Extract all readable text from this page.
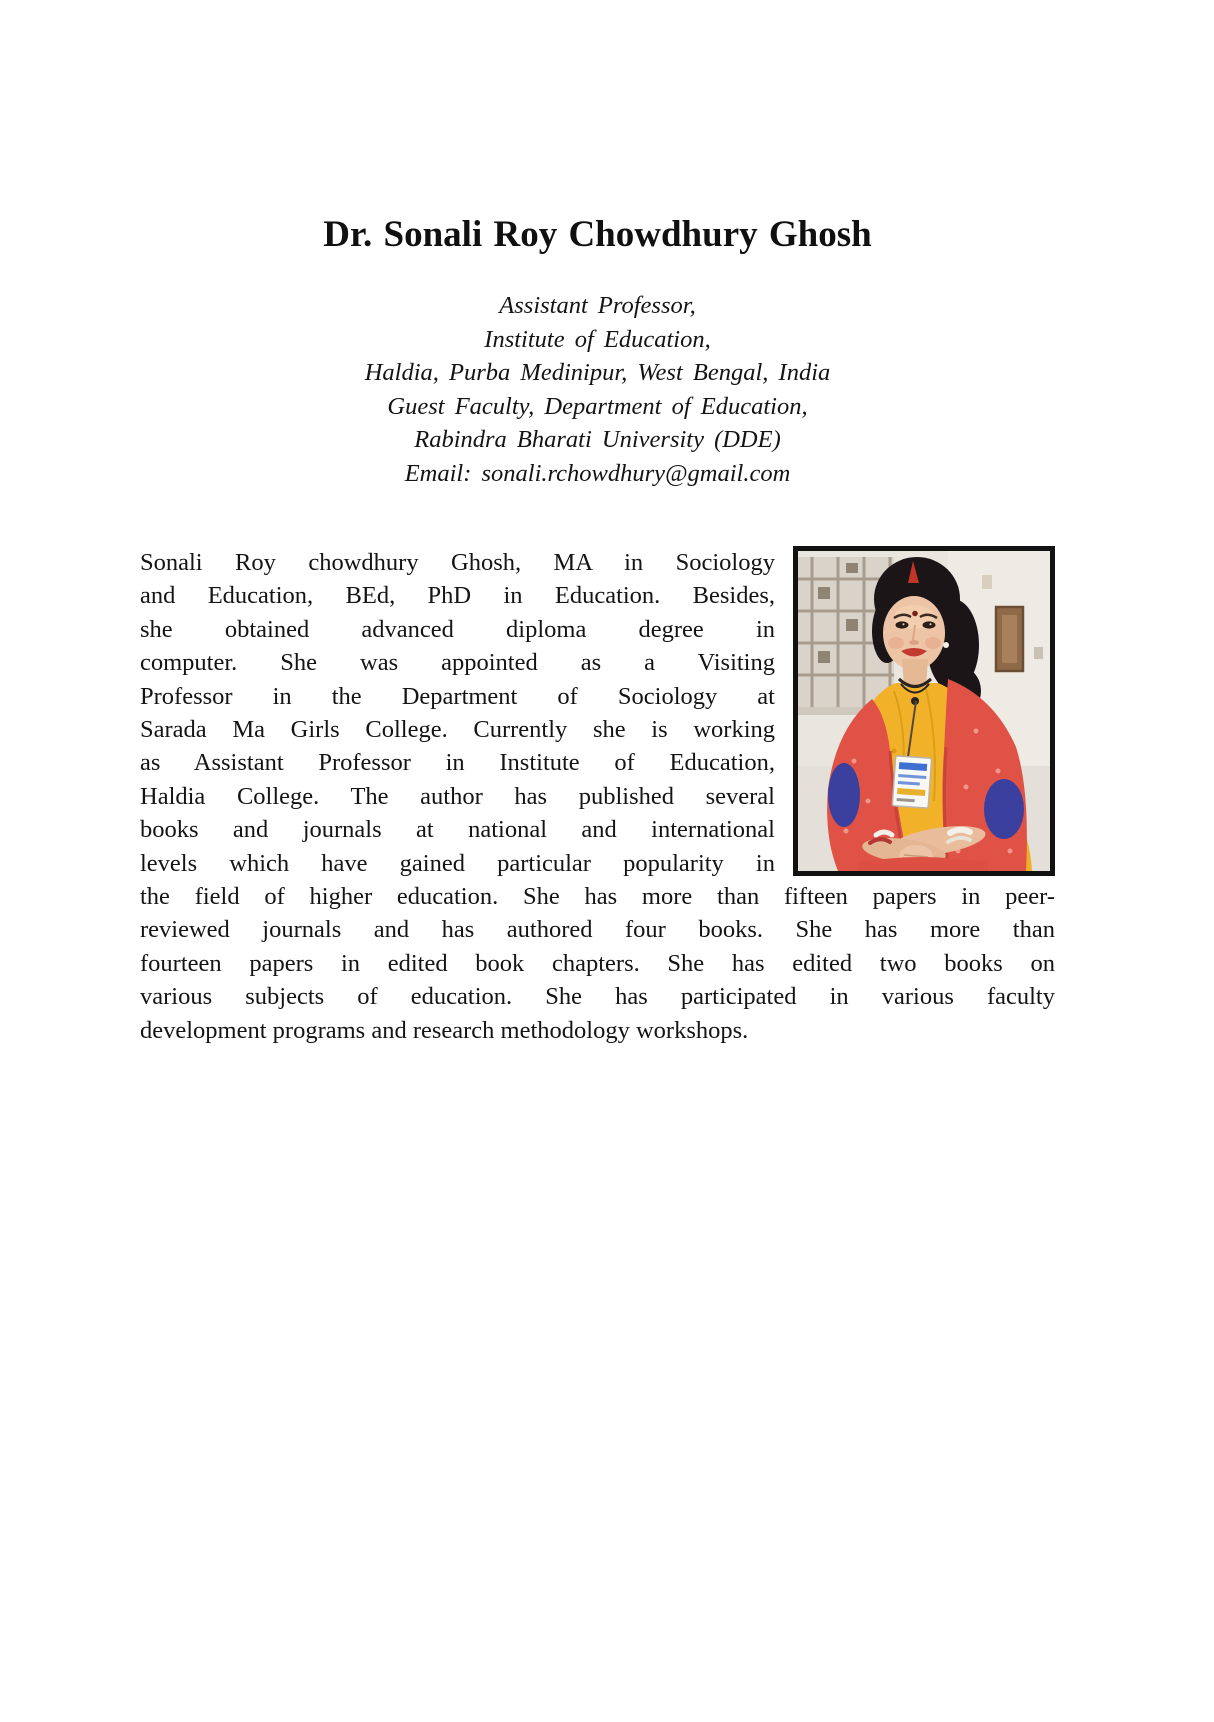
Dr. Sonali Roy Chowdhury Ghosh
Assistant Professor,
Institute of Education,
Haldia, Purba Medinipur, West Bengal, India
Guest Faculty, Department of Education,
Rabindra Bharati University (DDE)
Email: sonali.rchowdhury@gmail.com
Sonali Roy chowdhury Ghosh, MA in Sociology
and Education, BEd, PhD in Education. Besides,
she obtained advanced diploma degree in
computer. She was appointed as a Visiting
Professor in the Department of Sociology at
Sarada Ma Girls College. Currently she is working
as Assistant Professor in Institute of Education,
Haldia College. The author has published several
books and journals at national and international
levels which have gained particular popularity in
the field of higher education. She has more than fifteen papers in peer-
reviewed journals and has authored four books. She has more than
fourteen papers in edited book chapters. She has edited two books on
various subjects of education. She has participated in various faculty
development programs and research methodology workshops.
